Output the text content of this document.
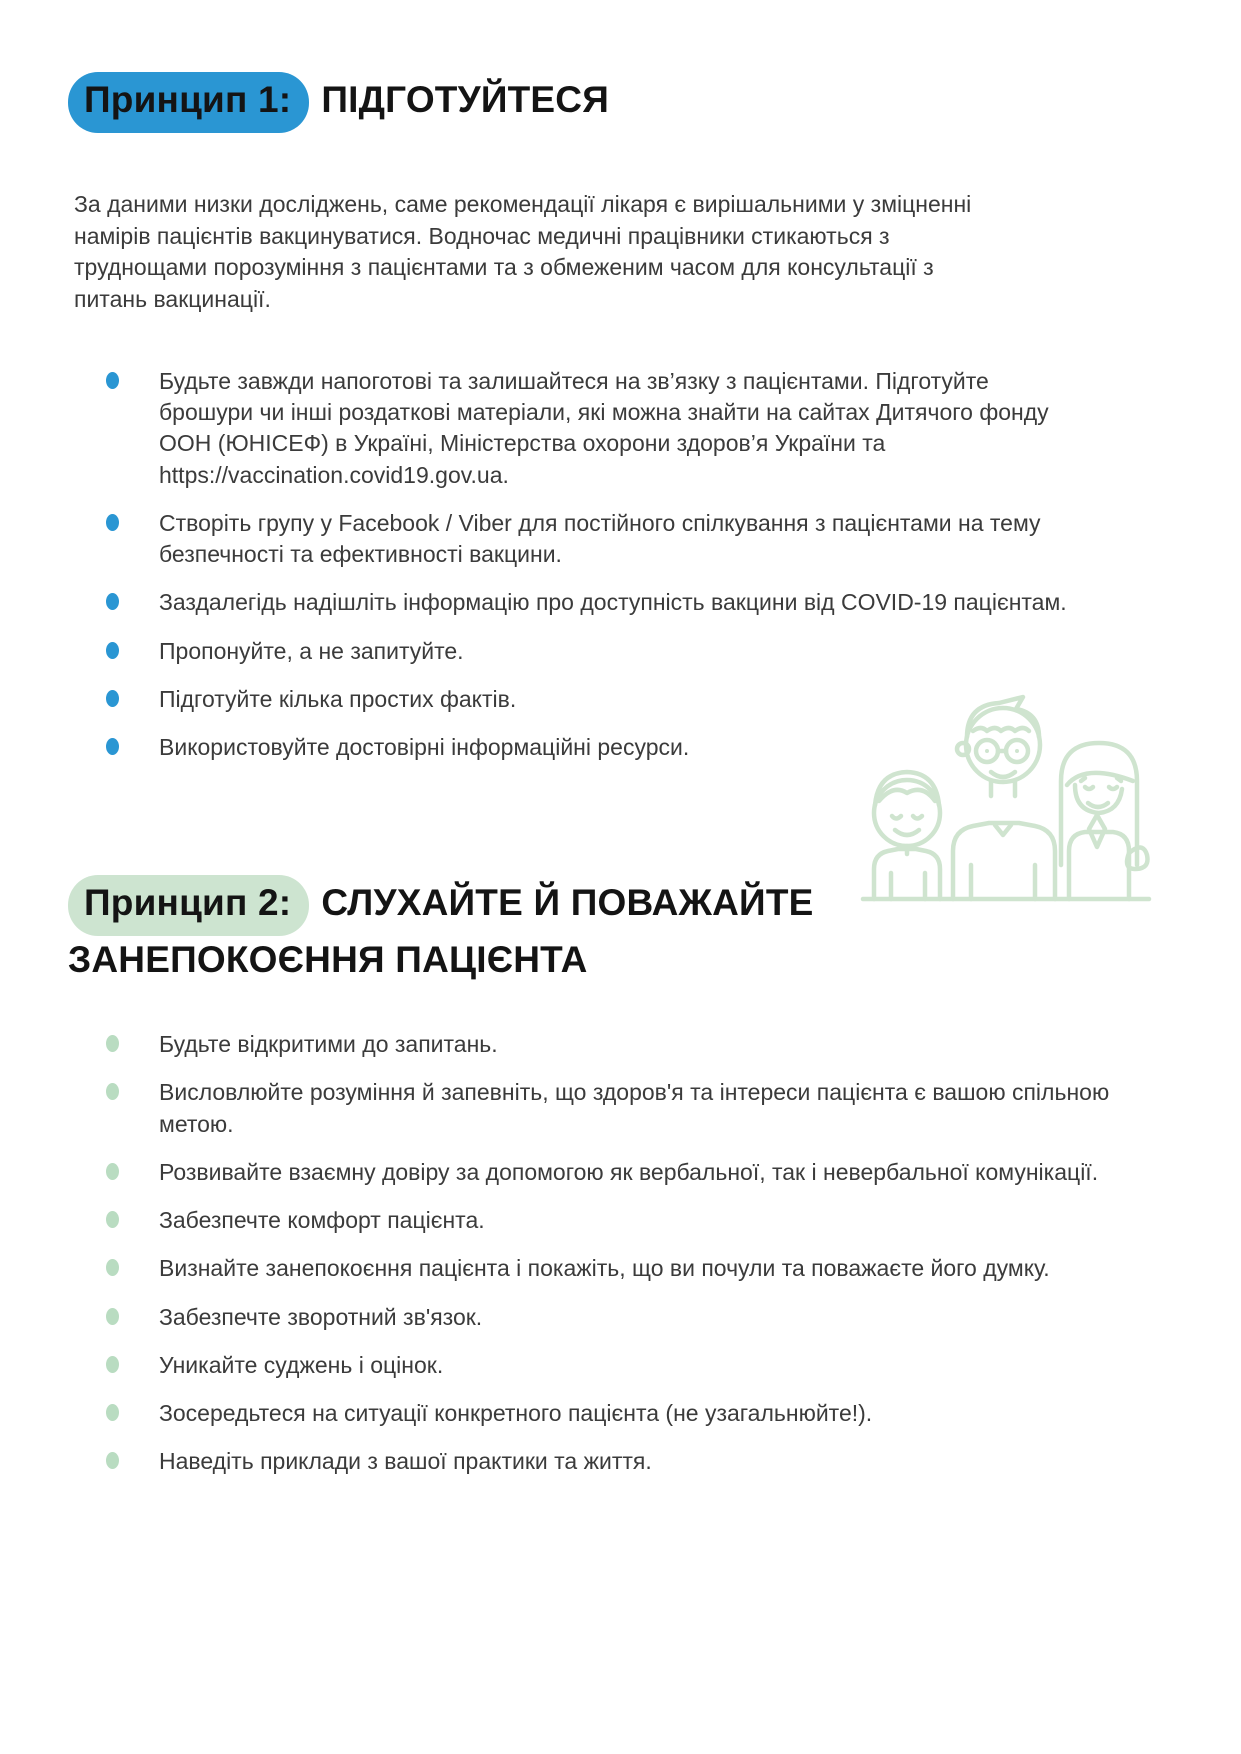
Принцип 1: ПІДГОТУЙТЕСЯ

За даними низки досліджень, саме рекомендації лікаря є вирішальними у зміцненні намірів пацієнтів вакцинуватися. Водночас медичні працівники стикаються з труднощами порозуміння з пацієнтами та з обмеженим часом для консультації з питань вакцинації.

Будьте завжди напоготові та залишайтеся на зв’язку з пацієнтами. Підготуйте брошури чи інші роздаткові матеріали, які можна знайти на сайтах Дитячого фонду ООН (ЮНІСЕФ) в Україні, Міністерства охорони здоров’я України та https://vaccination.covid19.gov.ua.
Створіть групу у Facebook / Viber для постійного спілкування з пацієнтами на тему безпечності та ефективності вакцини.
Заздалегідь надішліть інформацію про доступність вакцини від COVID-19 пацієнтам.
Пропонуйте, а не запитуйте.
Підготуйте кілька простих фактів.
Використовуйте достовірні інформаційні ресурси.
Принцип 2: СЛУХАЙТЕ Й ПОВАЖАЙТЕ ЗАНЕПОКОЄННЯ ПАЦІЄНТА
Будьте відкритими до запитань.
Висловлюйте розуміння й запевніть, що здоров'я та інтереси пацієнта є вашою спільною метою.
Розвивайте взаємну довіру за допомогою як вербальної, так і невербальної комунікації.
Забезпечте комфорт пацієнта.
Визнайте занепокоєння пацієнта і покажіть, що ви почули та поважаєте його думку.
Забезпечте зворотний зв'язок.
Уникайте суджень і оцінок.
Зосередьтеся на ситуації конкретного пацієнта (не узагальнюйте!).
Наведіть приклади з вашої практики та життя.
